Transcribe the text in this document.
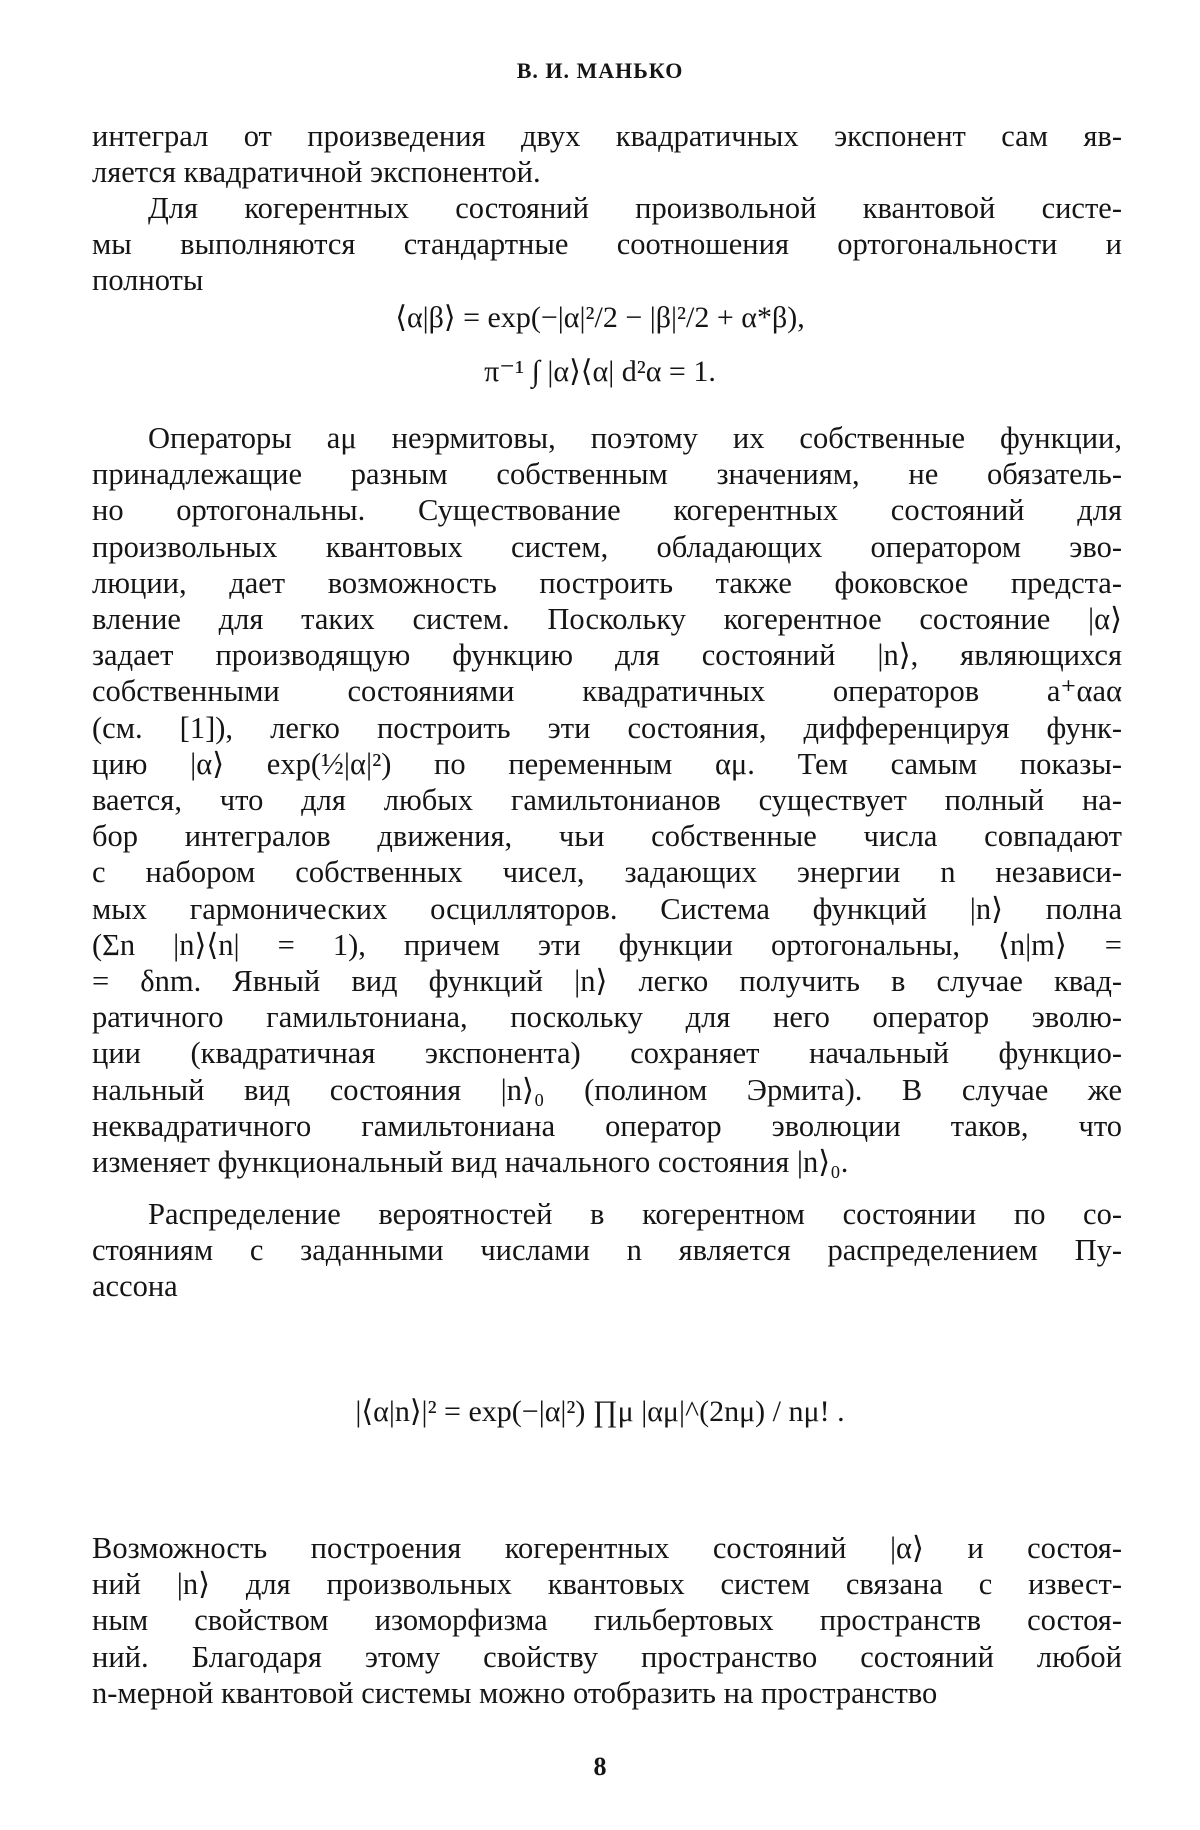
В. И. МАНЬКО
интеграл от произведения двух квадратичных экспонент сам яв-
ляется квадратичной экспонентой.
Для когерентных состояний произвольной квантовой систе-
мы выполняются стандартные соотношения ортогональности и
полноты
⟨α|β⟩ = exp(−|α|²/2 − |β|²/2 + α*β),
π⁻¹ ∫ |α⟩⟨α| d²α = 1.
Операторы aμ неэрмитовы, поэтому их собственные функции,
принадлежащие разным собственным значениям, не обязатель-
но ортогональны. Существование когерентных состояний для
произвольных квантовых систем, обладающих оператором эво-
люции, дает возможность построить также фоковское предста-
вление для таких систем. Поскольку когерентное состояние |α⟩
задает производящую функцию для состояний |n⟩, являющихся
собственными состояниями квадратичных операторов a⁺αaα
(см. [1]), легко построить эти состояния, дифференцируя функ-
цию |α⟩ exp(½|α|²) по переменным αμ. Тем самым показы-
вается, что для любых гамильтонианов существует полный на-
бор интегралов движения, чьи собственные числа совпадают
с набором собственных чисел, задающих энергии n независи-
мых гармонических осцилляторов. Система функций |n⟩ полна
(Σn |n⟩⟨n| = 1), причем эти функции ортогональны, ⟨n|m⟩ =
= δnm. Явный вид функций |n⟩ легко получить в случае квад-
ратичного гамильтониана, поскольку для него оператор эволю-
ции (квадратичная экспонента) сохраняет начальный функцио-
нальный вид состояния |n⟩₀ (полином Эрмита). В случае же
неквадратичного гамильтониана оператор эволюции таков, что
изменяет функциональный вид начального состояния |n⟩₀.
Распределение вероятностей в когерентном состоянии по со-
стояниям с заданными числами n является распределением Пу-
ассона
|⟨α|n⟩|² = exp(−|α|²) ∏μ |αμ|^(2nμ) / nμ! .
Возможность построения когерентных состояний |α⟩ и состоя-
ний |n⟩ для произвольных квантовых систем связана с извест-
ным свойством изоморфизма гильбертовых пространств состоя-
ний. Благодаря этому свойству пространство состояний любой
n-мерной квантовой системы можно отобразить на пространство
8
